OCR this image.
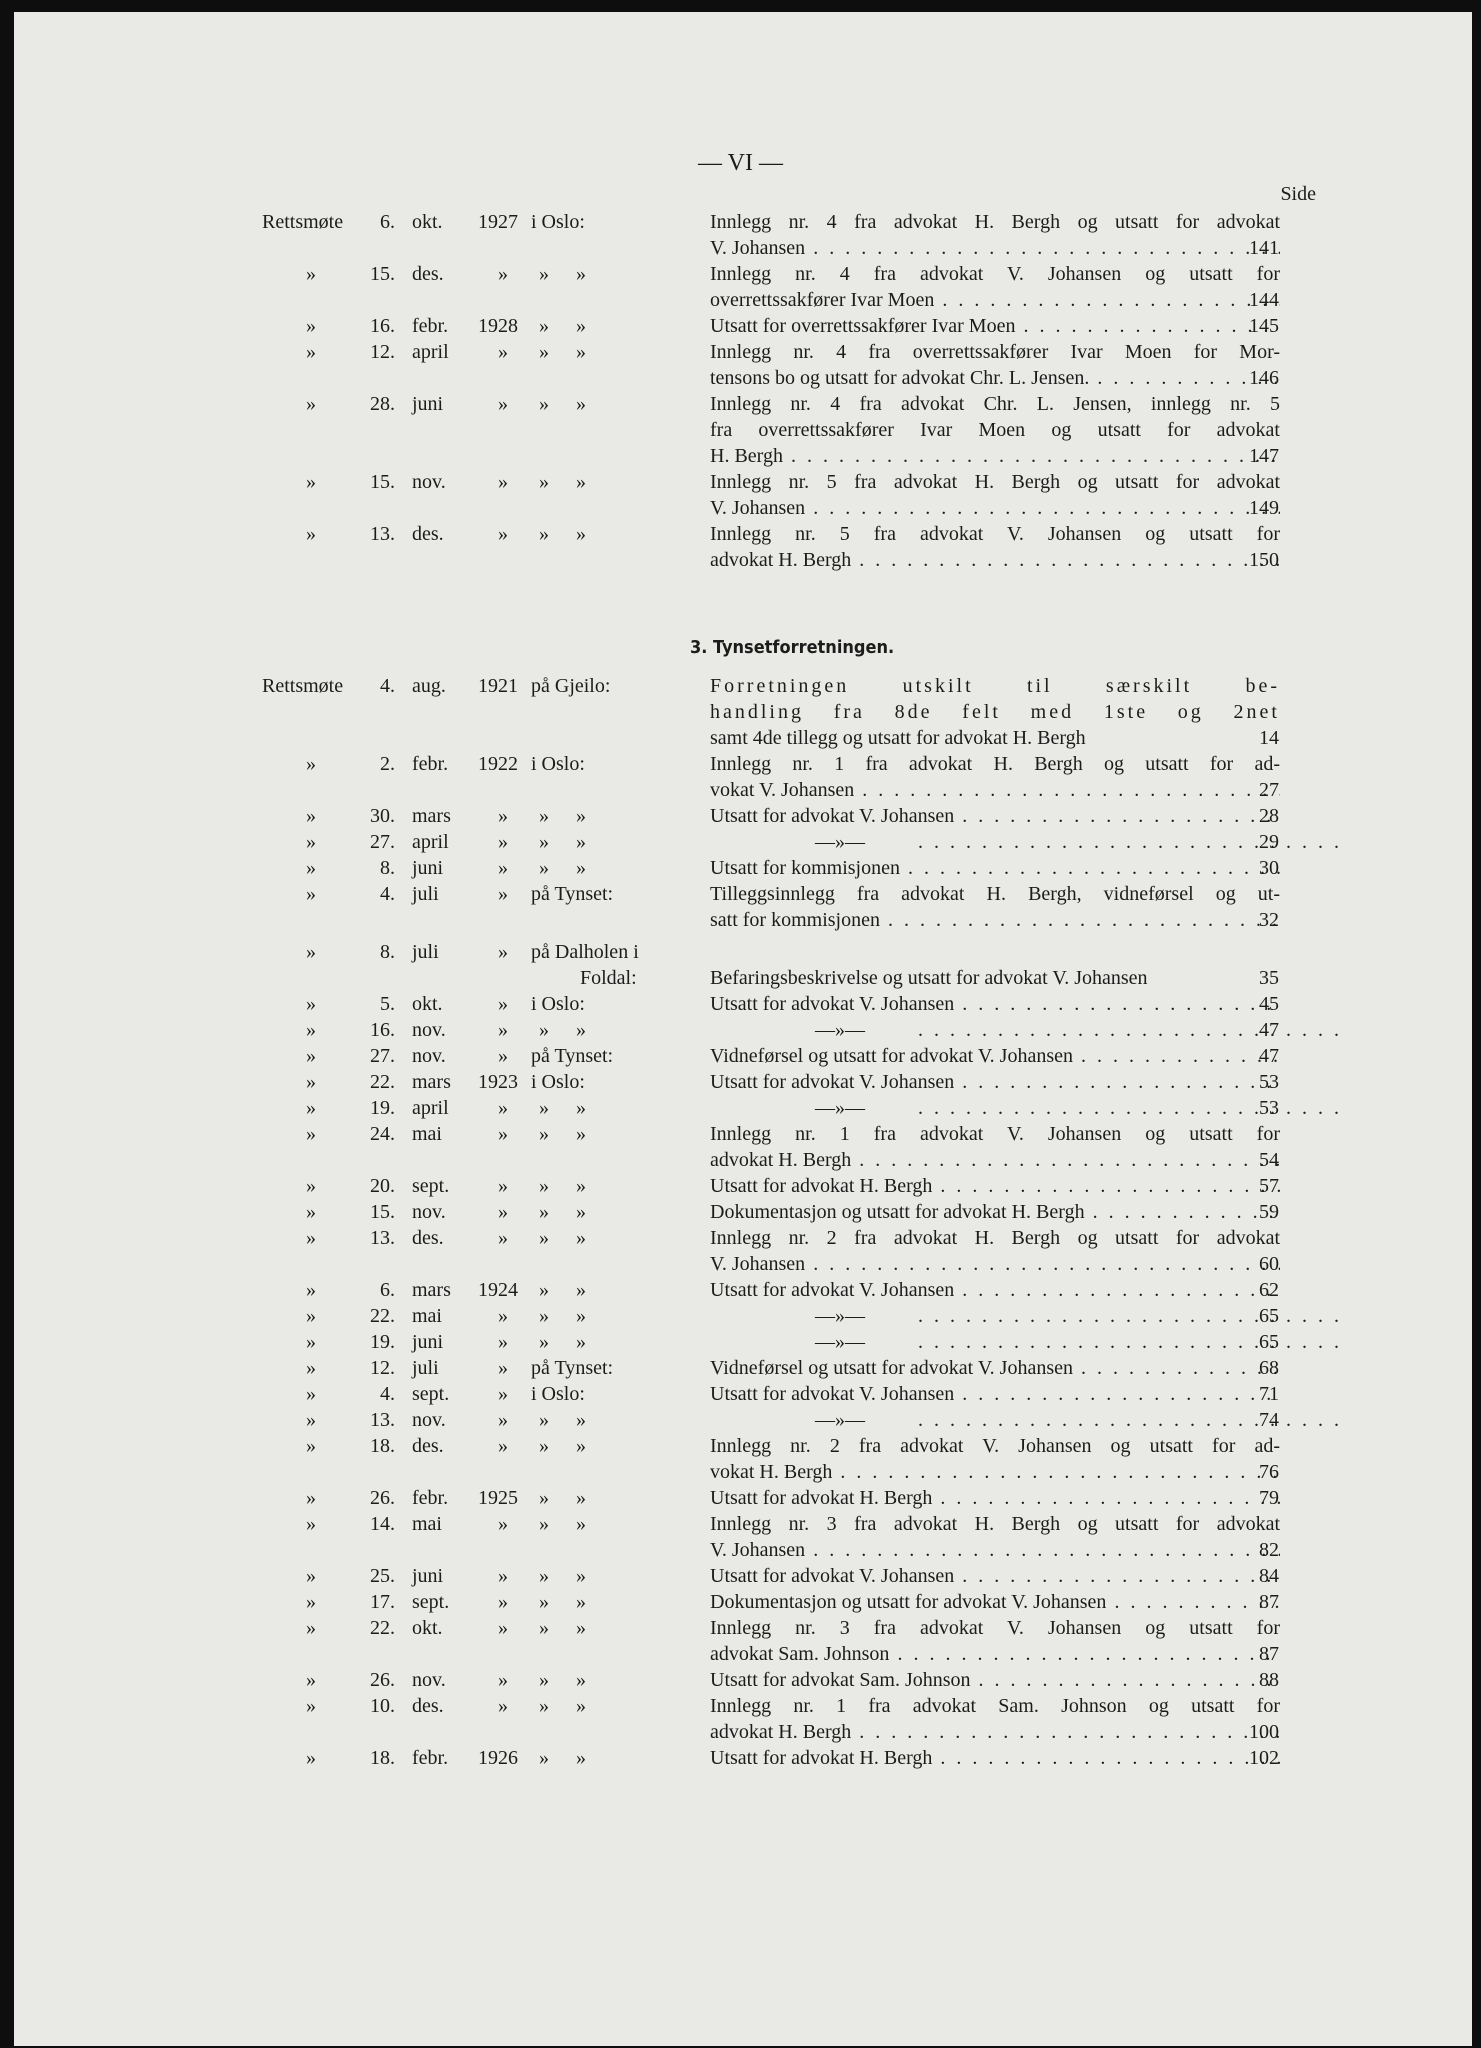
— VI —
Side
3. Tynsetforretningen.
Rettsmøte	6. okt. 1927 i Oslo:	Innlegg nr. 4 fra advokat H. Bergh og utsatt for advokat
V. Johansen . . .	141
»	15. des.	» » »	Innlegg nr. 4 fra advokat V. Johansen og utsatt for
overrettssakfører Ivar Moen . . .	144
»	16. febr. 1928 » »	Utsatt for overrettssakfører Ivar Moen . . .	145
»	12. april » » »	Innlegg nr. 4 fra overrettssakfører Ivar Moen for Mor-
tensons bo og utsatt for advokat Chr. L. Jensen. . . .	146
»	28. juni	» » »	Innlegg nr. 4 fra advokat Chr. L. Jensen, innlegg nr. 5
fra overrettssakfører Ivar Moen og utsatt for advokat
H. Bergh . . .	147
»	15. nov.	» » »	Innlegg nr. 5 fra advokat H. Bergh og utsatt for advokat
V. Johansen . . .	149
»	13. des.	» » »	Innlegg nr. 5 fra advokat V. Johansen og utsatt for
advokat H. Bergh . . .	150
Rettsmøte	4. aug. 1921 på Gjeilo:	Forretningen utskilt til særskilt be-
handling fra 8de felt med 1ste og 2net
samt 4de tillegg og utsatt for advokat H. Bergh	14
»	2. febr. 1922 i Oslo:	Innlegg nr. 1 fra advokat H. Bergh og utsatt for ad-
vokat V. Johansen . . .	27
»	30. mars » » »	Utsatt for advokat V. Johansen . . .	28
»	27. april » » »	—»— . . .	29
»	8. juni	» » »	Utsatt for kommisjonen . . .	30
»	4. juli	» på Tynset:	Tilleggsinnlegg fra advokat H. Bergh, vidneførsel og ut-
satt for kommisjonen . . .	32
»	8. juli	» på Dalholen i
Foldal:	Befaringsbeskrivelse og utsatt for advokat V. Johansen	35
»	5. okt.	» i Oslo:	Utsatt for advokat V. Johansen . . .	45
»	16. nov.	» » »	—»— . . .	47
»	27. nov.	» på Tynset:	Vidneførsel og utsatt for advokat V. Johansen . . .	47
»	22. mars 1923 i Oslo:	Utsatt for advokat V. Johansen . . .	53
»	19. april » » »	—»— . . .	53
»	24. mai	» » »	Innlegg nr. 1 fra advokat V. Johansen og utsatt for
advokat H. Bergh . . .	54
»	20. sept. » » »	Utsatt for advokat H. Bergh . . .	57
»	15. nov.	» » »	Dokumentasjon og utsatt for advokat H. Bergh . . .	59
»	13. des.	» » »	Innlegg nr. 2 fra advokat H. Bergh og utsatt for advokat
V. Johansen . . .	60
»	6. mars 1924 » »	Utsatt for advokat V. Johansen . . .	62
»	22. mai	» » »	—»— . . .	65
»	19. juni	» » »	—»— . . .	65
»	12. juli	» på Tynset:	Vidneførsel og utsatt for advokat V. Johansen . . .	68
»	4. sept. » i Oslo:	Utsatt for advokat V. Johansen . . .	71
»	13. nov.	» » »	—»— . . .	74
»	18. des.	» » »	Innlegg nr. 2 fra advokat V. Johansen og utsatt for ad-
vokat H. Bergh . . .	76
»	26. febr. 1925 » »	Utsatt for advokat H. Bergh . . .	79
»	14. mai	» » »	Innlegg nr. 3 fra advokat H. Bergh og utsatt for advokat
V. Johansen . . .	82
»	25. juni	» » »	Utsatt for advokat V. Johansen . . .	84
»	17. sept. » » »	Dokumentasjon og utsatt for advokat V. Johansen . . .	87
»	22. okt.	» » »	Innlegg nr. 3 fra advokat V. Johansen og utsatt for
advokat Sam. Johnson . . .	87
»	26. nov.	» » »	Utsatt for advokat Sam. Johnson . . .	88
»	10. des.	» » »	Innlegg nr. 1 fra advokat Sam. Johnson og utsatt for
advokat H. Bergh . . .	100
»	18. febr. 1926 » »	Utsatt for advokat H. Bergh . . .	102
